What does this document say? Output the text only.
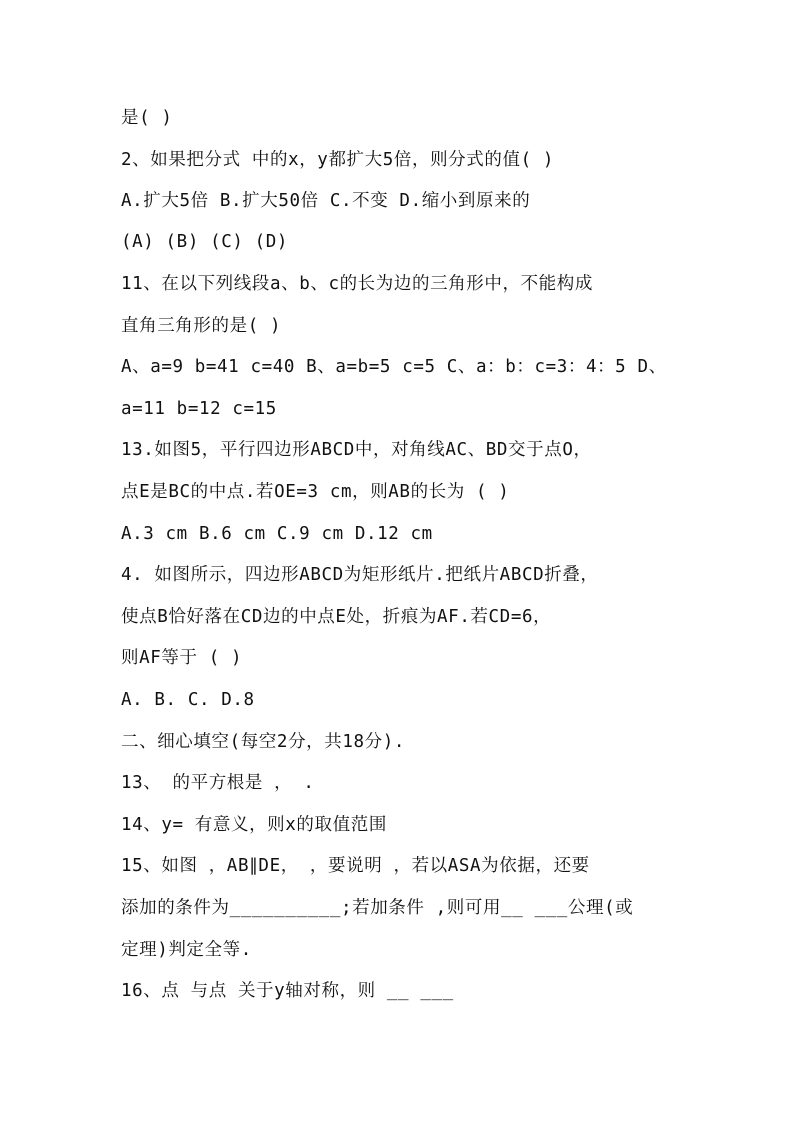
是( )
2、如果把分式 中的x，y都扩大5倍，则分式的值( )
A.扩大5倍 B.扩大50倍 C.不变 D.缩小到原来的
(A) (B) (C) (D)
11、在以下列线段a、b、c的长为边的三角形中，不能构成
直角三角形的是( )
A、a=9 b=41 c=40 B、a=b=5 c=5 C、a：b：c=3：4：5 D、
a=11 b=12 c=15
13.如图5，平行四边形ABCD中，对角线AC、BD交于点O，
点E是BC的中点.若OE=3 cm，则AB的长为 ( )
A.3 cm B.6 cm C.9 cm D.12 cm
4. 如图所示，四边形ABCD为矩形纸片.把纸片ABCD折叠，
使点B恰好落在CD边的中点E处，折痕为AF.若CD=6，
则AF等于 ( )
A. B. C. D.8
二、细心填空(每空2分，共18分).
13、 的平方根是 ， .
14、y= 有意义，则x的取值范围
15、如图 ，AB∥DE， ，要说明 ，若以ASA为依据，还要
添加的条件为__________;若加条件 ,则可用__ ___公理(或
定理)判定全等.
16、点 与点 关于y轴对称，则 __ ___
